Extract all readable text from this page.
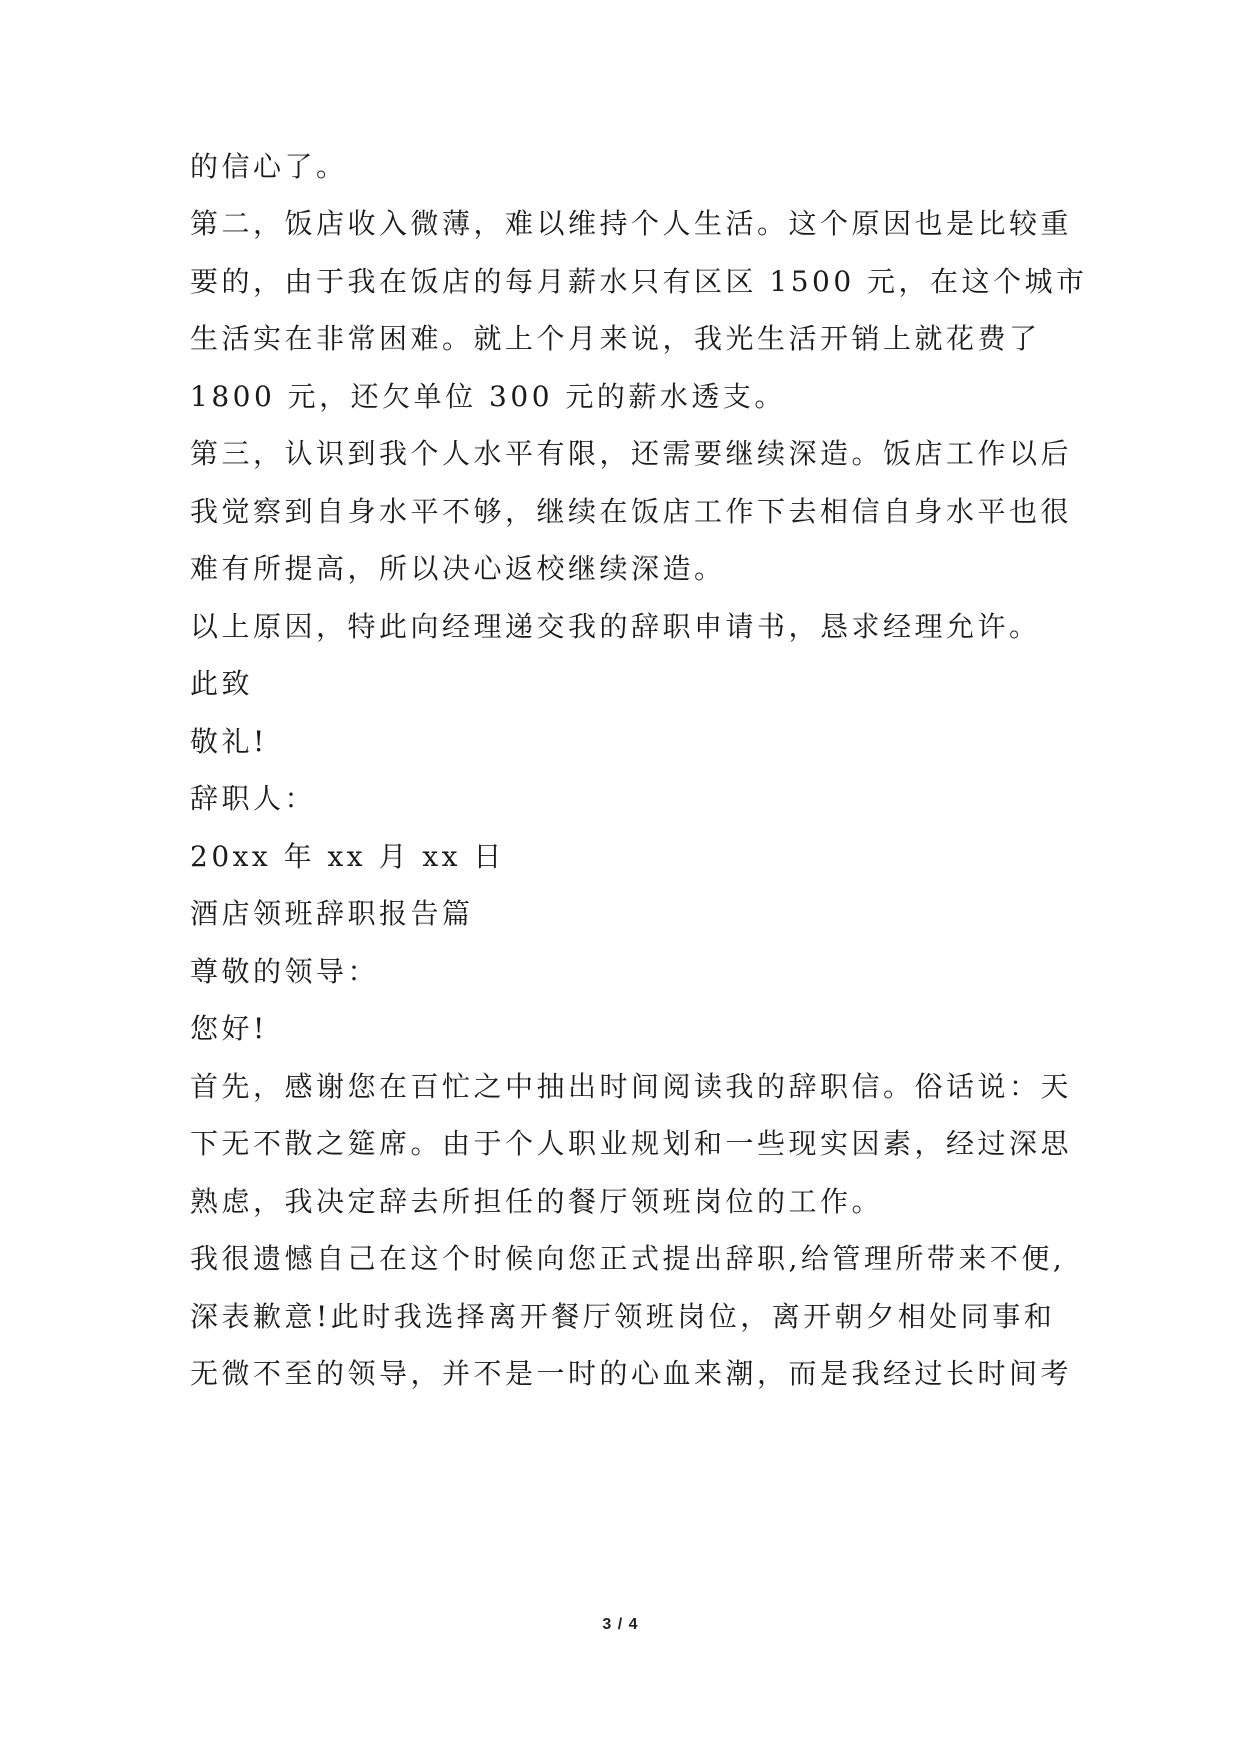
的信心了。
第二，饭店收入微薄，难以维持个人生活。这个原因也是比较重
要的，由于我在饭店的每月薪水只有区区 1500 元，在这个城市
生活实在非常困难。就上个月来说，我光生活开销上就花费了
1800 元，还欠单位 300 元的薪水透支。
第三，认识到我个人水平有限，还需要继续深造。饭店工作以后
我觉察到自身水平不够，继续在饭店工作下去相信自身水平也很
难有所提高，所以决心返校继续深造。
以上原因，特此向经理递交我的辞职申请书，恳求经理允许。
此致
敬礼!
辞职人：
20xx 年 xx 月 xx 日
酒店领班辞职报告篇
尊敬的领导：
您好!
首先，感谢您在百忙之中抽出时间阅读我的辞职信。俗话说：天
下无不散之筵席。由于个人职业规划和一些现实因素，经过深思
熟虑，我决定辞去所担任的餐厅领班岗位的工作。
我很遗憾自己在这个时候向您正式提出辞职,给管理所带来不便,
深表歉意!此时我选择离开餐厅领班岗位，离开朝夕相处同事和
无微不至的领导，并不是一时的心血来潮，而是我经过长时间考
3 / 4
